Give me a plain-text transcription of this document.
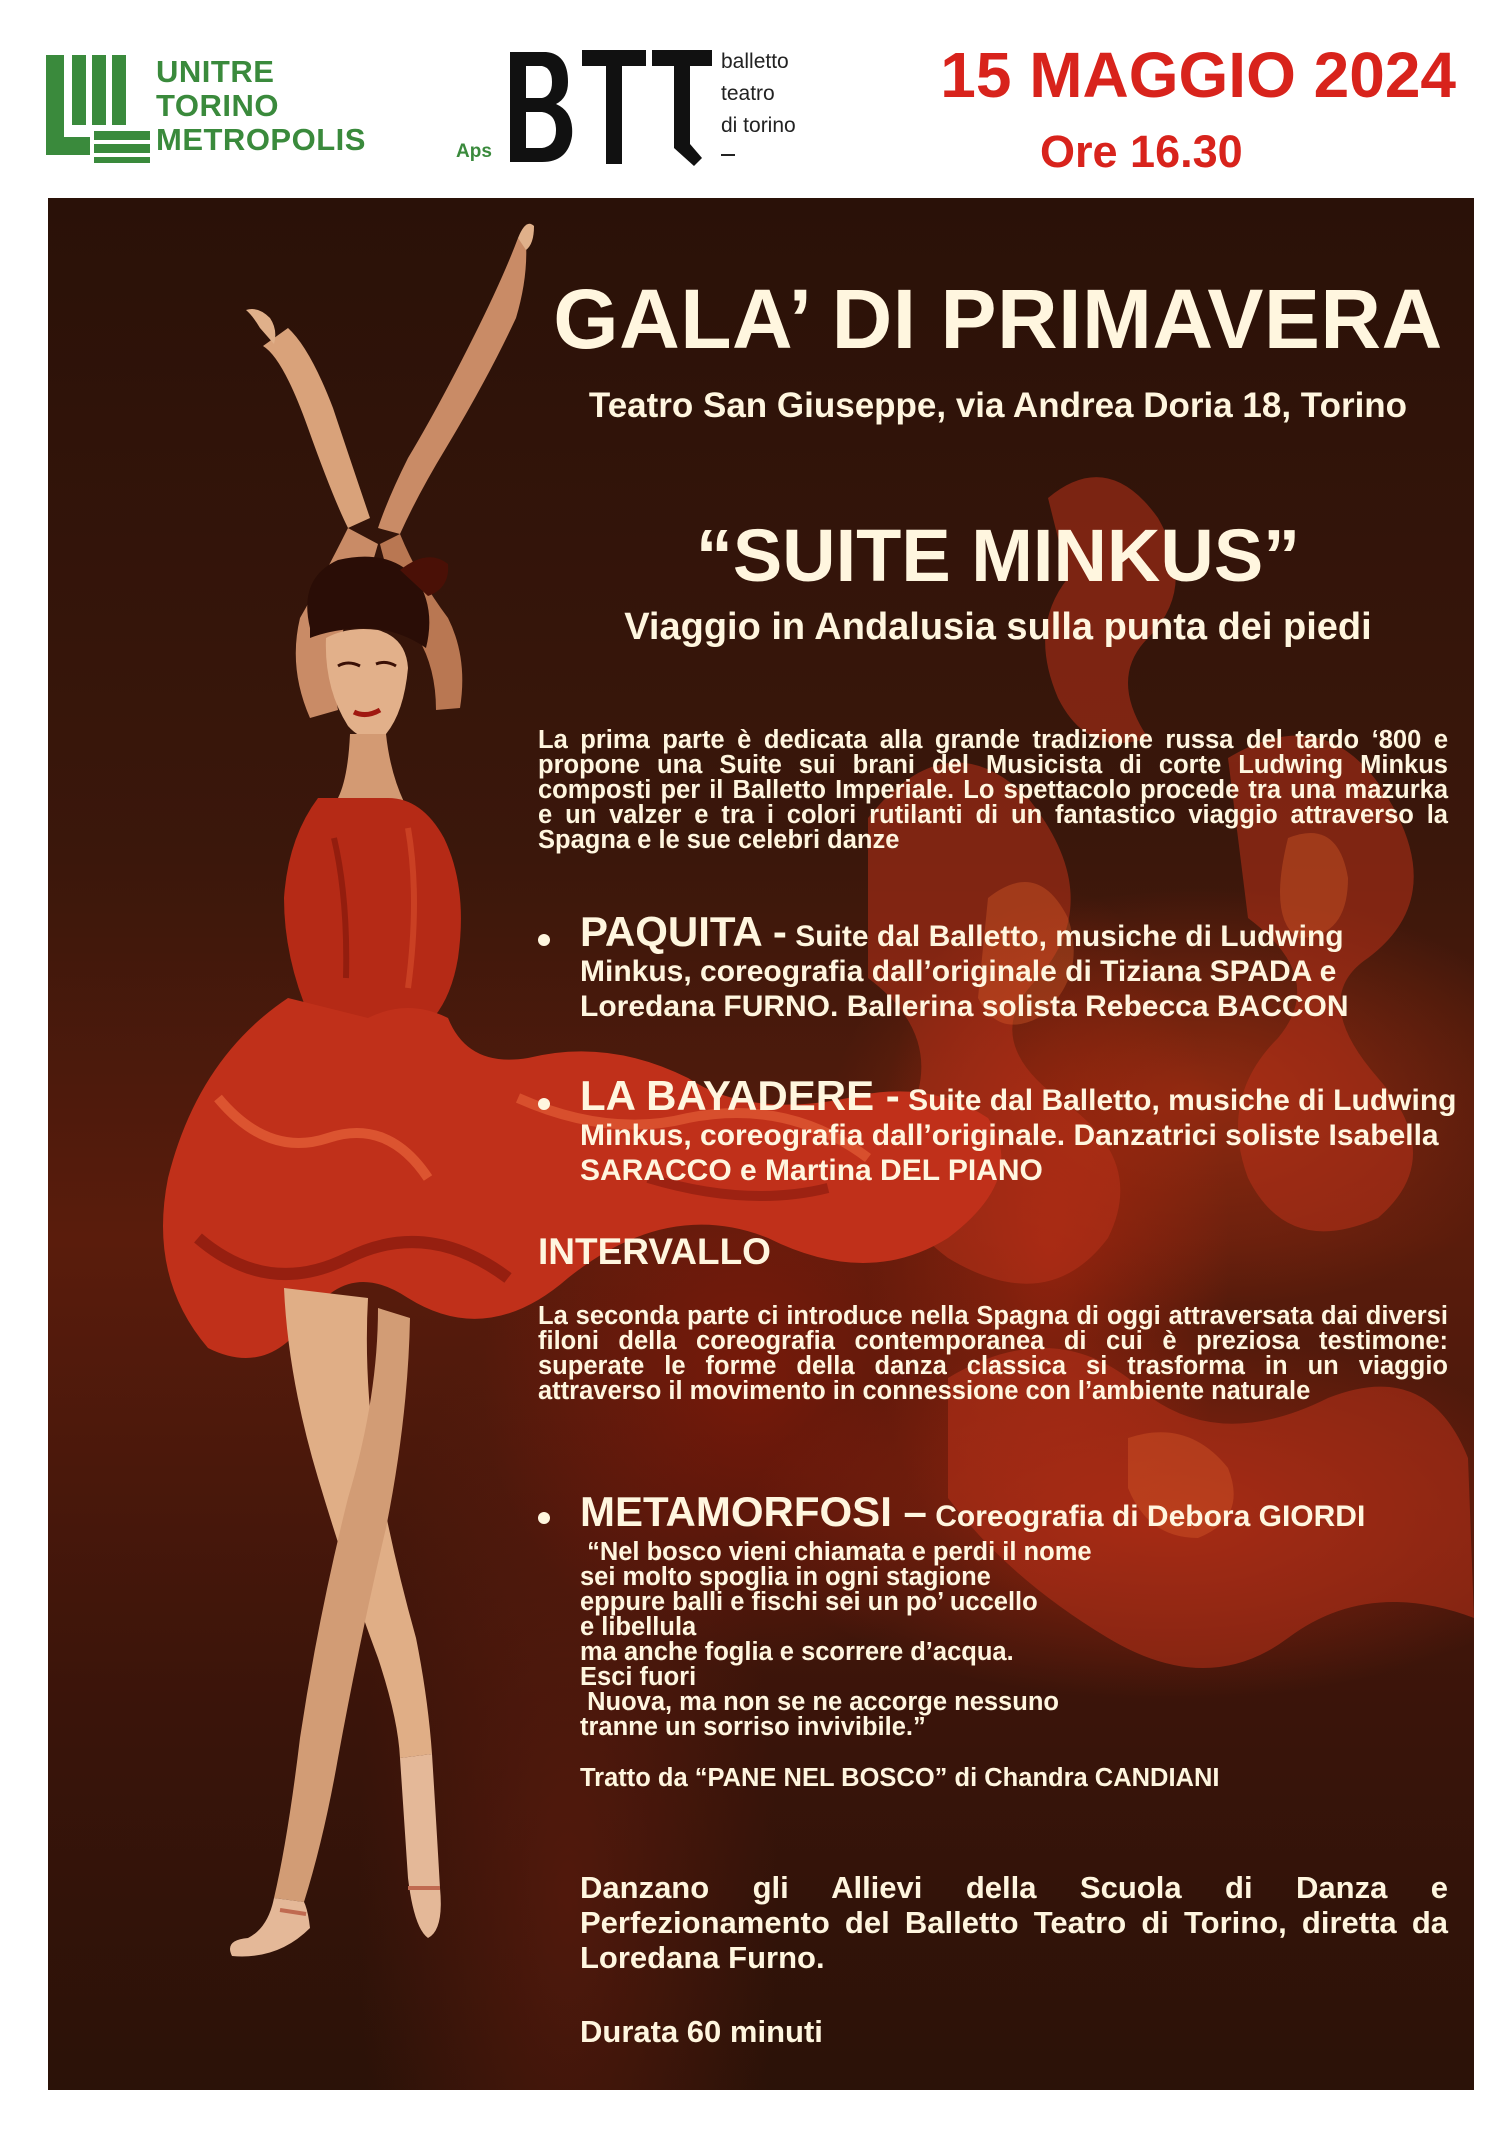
UNITRE
TORINO
METROPOLIS	Aps
balletto
teatro
di torino
15 MAGGIO 2024
Ore 16.30
GALA’ DI PRIMAVERA
Teatro San Giuseppe, via Andrea Doria 18, Torino
“SUITE MINKUS”
Viaggio in Andalusia sulla punta dei piedi
La prima parte è dedicata alla grande tradizione russa del tardo ‘800 e propone una Suite sui brani del Musicista di corte Ludwing Minkus composti per il Balletto Imperiale. Lo spettacolo procede tra una mazurka e un valzer e tra i colori rutilanti di un fantastico viaggio attraverso la Spagna e le sue celebri danze
PAQUITA - Suite dal Balletto, musiche di Ludwing Minkus, coreografia dall’originale di Tiziana SPADA e Loredana FURNO. Ballerina solista Rebecca BACCON
LA BAYADERE - Suite dal Balletto, musiche di Ludwing Minkus, coreografia dall’originale. Danzatrici soliste Isabella SARACCO e Martina DEL PIANO
INTERVALLO
La seconda parte ci introduce nella Spagna di oggi attraversata dai diversi filoni della coreografia contemporanea di cui è preziosa testimone: superate le forme della danza classica si trasforma in un viaggio attraverso il movimento in connessione con l’ambiente naturale
METAMORFOSI – Coreografia di Debora GIORDI
“Nel bosco vieni chiamata e perdi il nome
sei molto spoglia in ogni stagione
eppure balli e fischi sei un po’ uccello
e libellula
ma anche foglia e scorrere d’acqua.
Esci fuori
Nuova, ma non se ne accorge nessuno
tranne un sorriso invivibile.”
Tratto da “PANE NEL BOSCO” di Chandra CANDIANI
Danzano gli Allievi della Scuola di Danza e Perfezionamento del Balletto Teatro di Torino, diretta da Loredana Furno.
Durata 60 minuti
